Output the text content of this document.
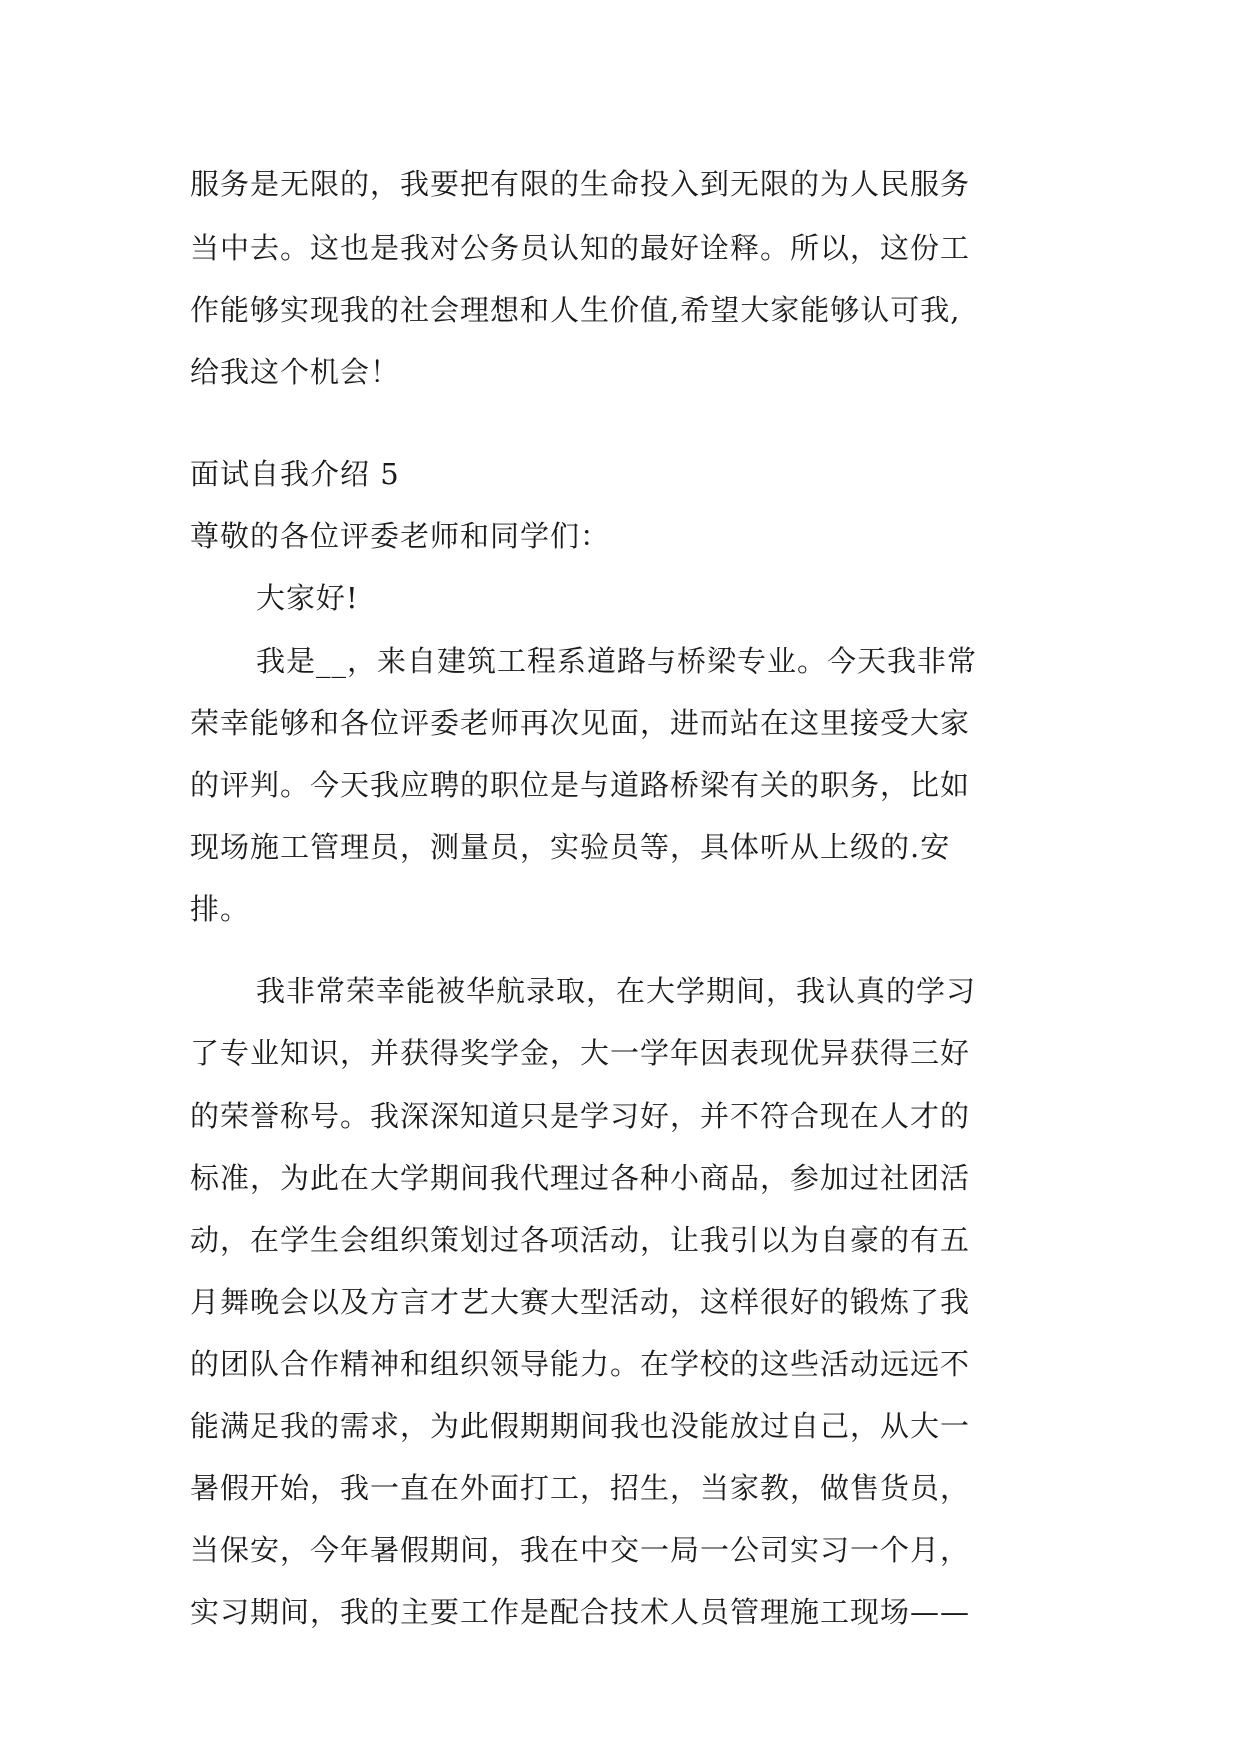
服务是无限的，我要把有限的生命投入到无限的为人民服务
当中去。这也是我对公务员认知的最好诠释。所以，这份工
作能够实现我的社会理想和人生价值,希望大家能够认可我,
给我这个机会！
面试自我介绍 5
尊敬的各位评委老师和同学们：
大家好!
我是__，来自建筑工程系道路与桥梁专业。今天我非常
荣幸能够和各位评委老师再次见面，进而站在这里接受大家
的评判。今天我应聘的职位是与道路桥梁有关的职务，比如
现场施工管理员，测量员，实验员等，具体听从上级的.安
排。
我非常荣幸能被华航录取，在大学期间，我认真的学习
了专业知识，并获得奖学金，大一学年因表现优异获得三好
的荣誉称号。我深深知道只是学习好，并不符合现在人才的
标准，为此在大学期间我代理过各种小商品，参加过社团活
动，在学生会组织策划过各项活动，让我引以为自豪的有五
月舞晚会以及方言才艺大赛大型活动，这样很好的锻炼了我
的团队合作精神和组织领导能力。在学校的这些活动远远不
能满足我的需求，为此假期期间我也没能放过自己，从大一
暑假开始，我一直在外面打工，招生，当家教，做售货员，
当保安，今年暑假期间，我在中交一局一公司实习一个月，
实习期间，我的主要工作是配合技术人员管理施工现场——
